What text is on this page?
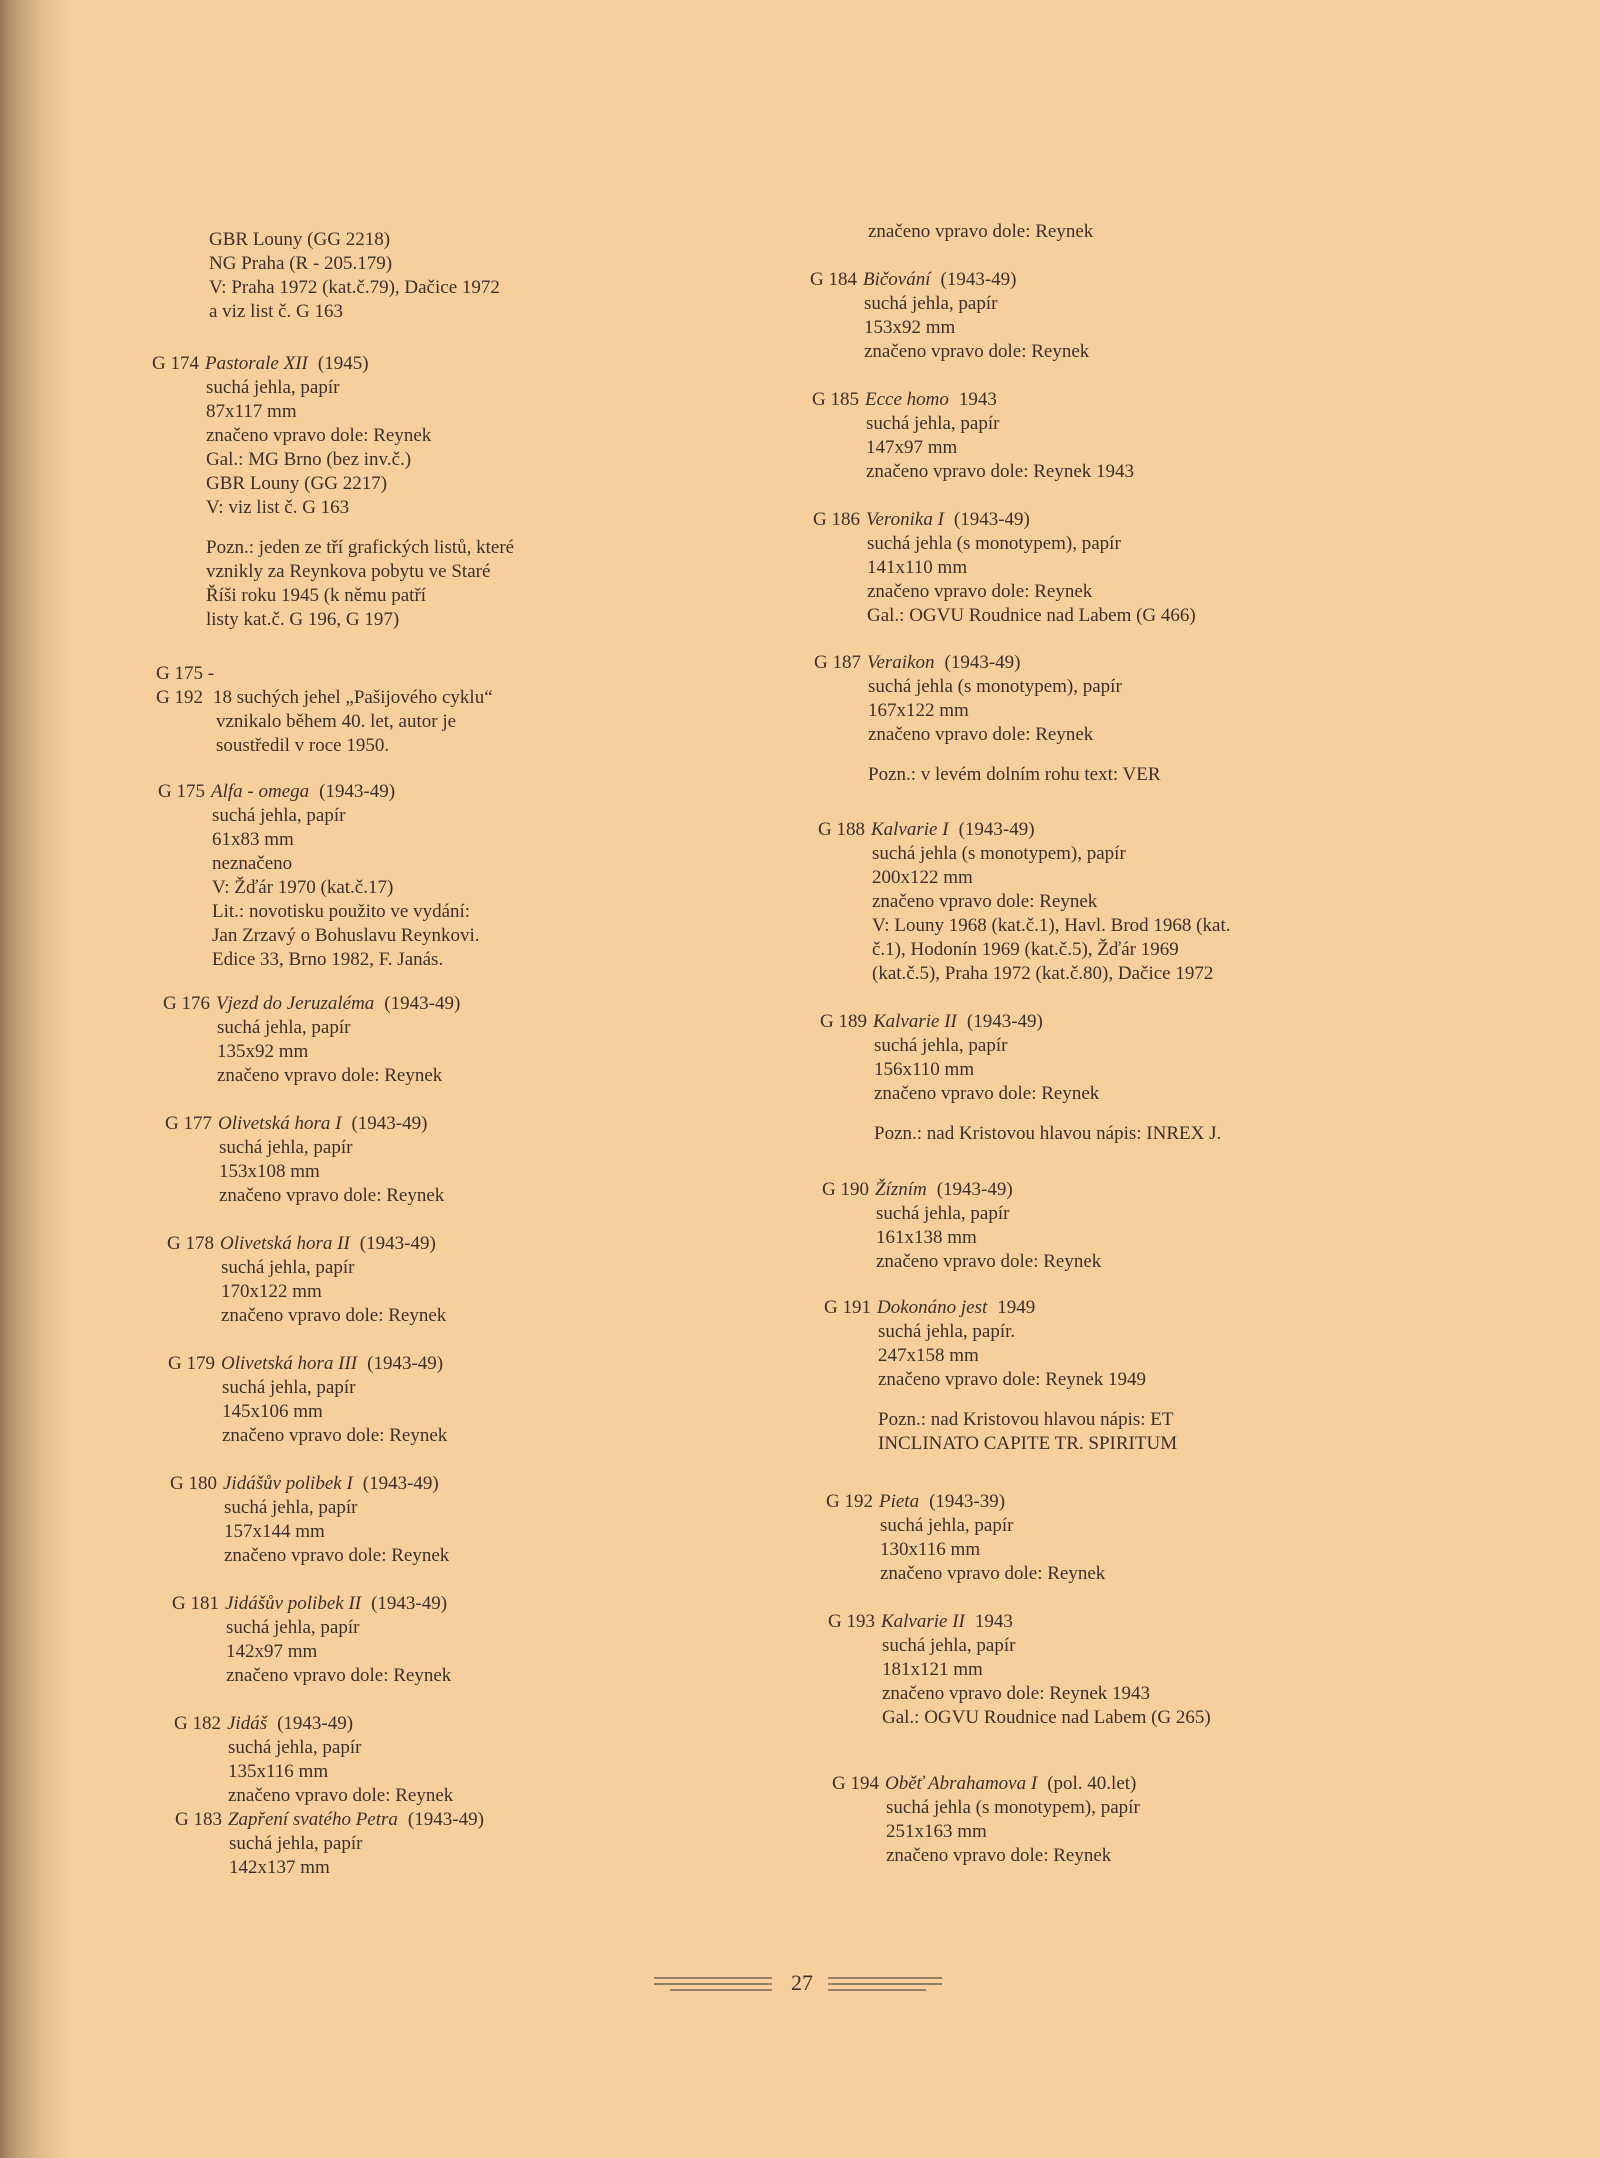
GBR Louny (GG 2218)
NG Praha (R - 205.179)
V: Praha 1972 (kat.č.79), Dačice 1972
a viz list č. G 163
G 175 -
G 192 18 suchých jehel „Pašijového cyklu“
vznikalo během 40. let, autor je
soustředil v roce 1950.
značeno vpravo dole: Reynek
G 174 Pastorale XII (1945)
suchá jehla, papír
87x117 mm
značeno vpravo dole: Reynek
Gal.: MG Brno (bez inv.č.)
GBR Louny (GG 2217)
V: viz list č. G 163
Pozn.: jeden ze tří grafických listů, které
vznikly za Reynkova pobytu ve Staré
Říši roku 1945 (k němu patří
listy kat.č. G 196, G 197)
G 175 Alfa - omega (1943-49)
suchá jehla, papír
61x83 mm
neznačeno
V: Žďár 1970 (kat.č.17)
Lit.: novotisku použito ve vydání:
Jan Zrzavý o Bohuslavu Reynkovi.
Edice 33, Brno 1982, F. Janás.
G 176 Vjezd do Jeruzaléma (1943-49)
suchá jehla, papír
135x92 mm
značeno vpravo dole: Reynek
G 177 Olivetská hora I (1943-49)
suchá jehla, papír
153x108 mm
značeno vpravo dole: Reynek
G 178 Olivetská hora II (1943-49)
suchá jehla, papír
170x122 mm
značeno vpravo dole: Reynek
G 179 Olivetská hora III (1943-49)
suchá jehla, papír
145x106 mm
značeno vpravo dole: Reynek
G 180 Jidášův polibek I (1943-49)
suchá jehla, papír
157x144 mm
značeno vpravo dole: Reynek
G 181 Jidášův polibek II (1943-49)
suchá jehla, papír
142x97 mm
značeno vpravo dole: Reynek
G 182 Jidáš (1943-49)
suchá jehla, papír
135x116 mm
značeno vpravo dole: Reynek
G 183 Zapření svatého Petra (1943-49)
suchá jehla, papír
142x137 mm
G 184 Bičování (1943-49)
suchá jehla, papír
153x92 mm
značeno vpravo dole: Reynek
G 185 Ecce homo 1943
suchá jehla, papír
147x97 mm
značeno vpravo dole: Reynek 1943
G 186 Veronika I (1943-49)
suchá jehla (s monotypem), papír
141x110 mm
značeno vpravo dole: Reynek
Gal.: OGVU Roudnice nad Labem (G 466)
G 187 Veraikon (1943-49)
suchá jehla (s monotypem), papír
167x122 mm
značeno vpravo dole: Reynek
Pozn.: v levém dolním rohu text: VER
G 188 Kalvarie I (1943-49)
suchá jehla (s monotypem), papír
200x122 mm
značeno vpravo dole: Reynek
V: Louny 1968 (kat.č.1), Havl. Brod 1968 (kat.
č.1), Hodonín 1969 (kat.č.5), Žďár 1969
(kat.č.5), Praha 1972 (kat.č.80), Dačice 1972
G 189 Kalvarie II (1943-49)
suchá jehla, papír
156x110 mm
značeno vpravo dole: Reynek
Pozn.: nad Kristovou hlavou nápis: INREX J.
G 190 Žízním (1943-49)
suchá jehla, papír
161x138 mm
značeno vpravo dole: Reynek
G 191 Dokonáno jest 1949
suchá jehla, papír.
247x158 mm
značeno vpravo dole: Reynek 1949
Pozn.: nad Kristovou hlavou nápis: ET
INCLINATO CAPITE TR. SPIRITUM
G 192 Pieta (1943-39)
suchá jehla, papír
130x116 mm
značeno vpravo dole: Reynek
G 193 Kalvarie II 1943
suchá jehla, papír
181x121 mm
značeno vpravo dole: Reynek 1943
Gal.: OGVU Roudnice nad Labem (G 265)
G 194 Oběť Abrahamova I (pol. 40.let)
suchá jehla (s monotypem), papír
251x163 mm
značeno vpravo dole: Reynek
27
